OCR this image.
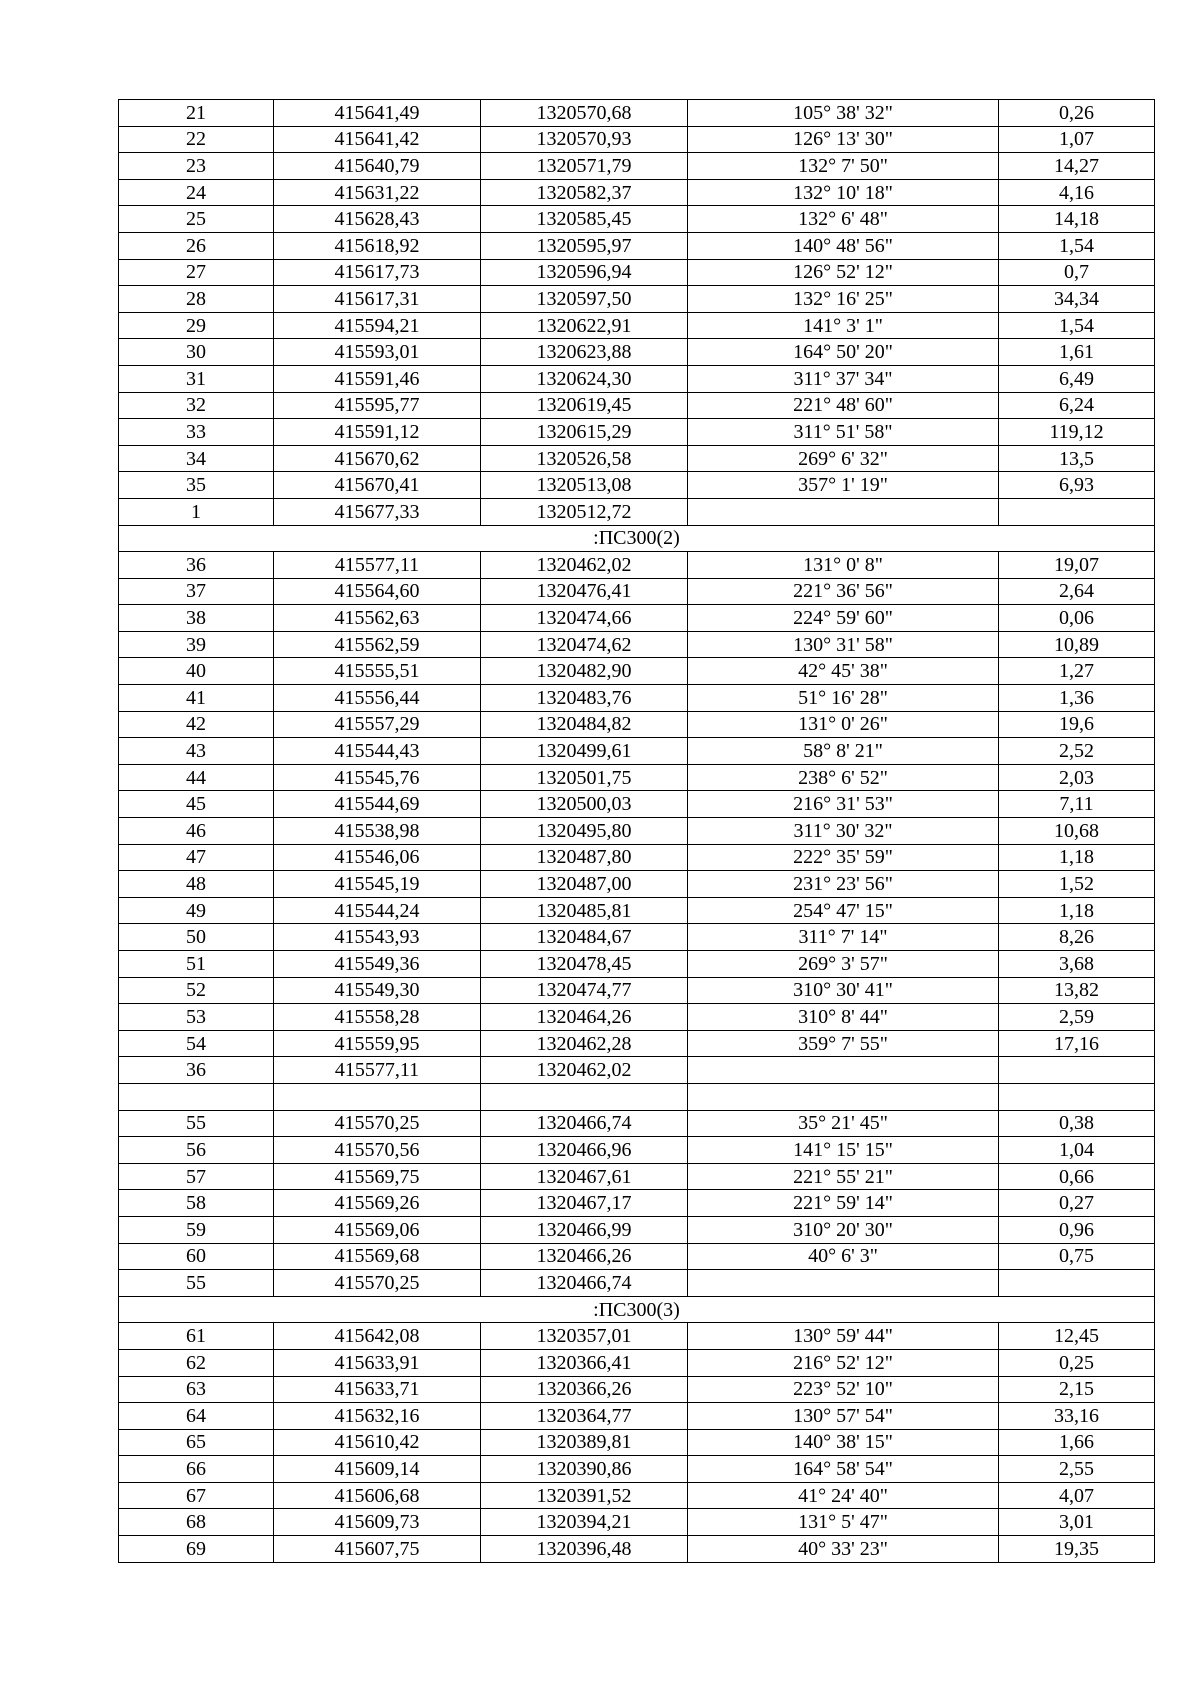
21	415641,49	1320570,68	105° 38' 32"	0,26
22	415641,42	1320570,93	126° 13' 30"	1,07
23	415640,79	1320571,79	132° 7' 50"	14,27
24	415631,22	1320582,37	132° 10' 18"	4,16
25	415628,43	1320585,45	132° 6' 48"	14,18
26	415618,92	1320595,97	140° 48' 56"	1,54
27	415617,73	1320596,94	126° 52' 12"	0,7
28	415617,31	1320597,50	132° 16' 25"	34,34
29	415594,21	1320622,91	141° 3' 1"	1,54
30	415593,01	1320623,88	164° 50' 20"	1,61
31	415591,46	1320624,30	311° 37' 34"	6,49
32	415595,77	1320619,45	221° 48' 60"	6,24
33	415591,12	1320615,29	311° 51' 58"	119,12
34	415670,62	1320526,58	269° 6' 32"	13,5
35	415670,41	1320513,08	357° 1' 19"	6,93
1	415677,33	1320512,72		
:ПС300(2)				
36	415577,11	1320462,02	131° 0' 8"	19,07
37	415564,60	1320476,41	221° 36' 56"	2,64
38	415562,63	1320474,66	224° 59' 60"	0,06
39	415562,59	1320474,62	130° 31' 58"	10,89
40	415555,51	1320482,90	42° 45' 38"	1,27
41	415556,44	1320483,76	51° 16' 28"	1,36
42	415557,29	1320484,82	131° 0' 26"	19,6
43	415544,43	1320499,61	58° 8' 21"	2,52
44	415545,76	1320501,75	238° 6' 52"	2,03
45	415544,69	1320500,03	216° 31' 53"	7,11
46	415538,98	1320495,80	311° 30' 32"	10,68
47	415546,06	1320487,80	222° 35' 59"	1,18
48	415545,19	1320487,00	231° 23' 56"	1,52
49	415544,24	1320485,81	254° 47' 15"	1,18
50	415543,93	1320484,67	311° 7' 14"	8,26
51	415549,36	1320478,45	269° 3' 57"	3,68
52	415549,30	1320474,77	310° 30' 41"	13,82
53	415558,28	1320464,26	310° 8' 44"	2,59
54	415559,95	1320462,28	359° 7' 55"	17,16
36	415577,11	1320462,02		

55	415570,25	1320466,74	35° 21' 45"	0,38
56	415570,56	1320466,96	141° 15' 15"	1,04
57	415569,75	1320467,61	221° 55' 21"	0,66
58	415569,26	1320467,17	221° 59' 14"	0,27
59	415569,06	1320466,99	310° 20' 30"	0,96
60	415569,68	1320466,26	40° 6' 3"	0,75
55	415570,25	1320466,74		
:ПС300(3)				
61	415642,08	1320357,01	130° 59' 44"	12,45
62	415633,91	1320366,41	216° 52' 12"	0,25
63	415633,71	1320366,26	223° 52' 10"	2,15
64	415632,16	1320364,77	130° 57' 54"	33,16
65	415610,42	1320389,81	140° 38' 15"	1,66
66	415609,14	1320390,86	164° 58' 54"	2,55
67	415606,68	1320391,52	41° 24' 40"	4,07
68	415609,73	1320394,21	131° 5' 47"	3,01
69	415607,75	1320396,48	40° 33' 23"	19,35
